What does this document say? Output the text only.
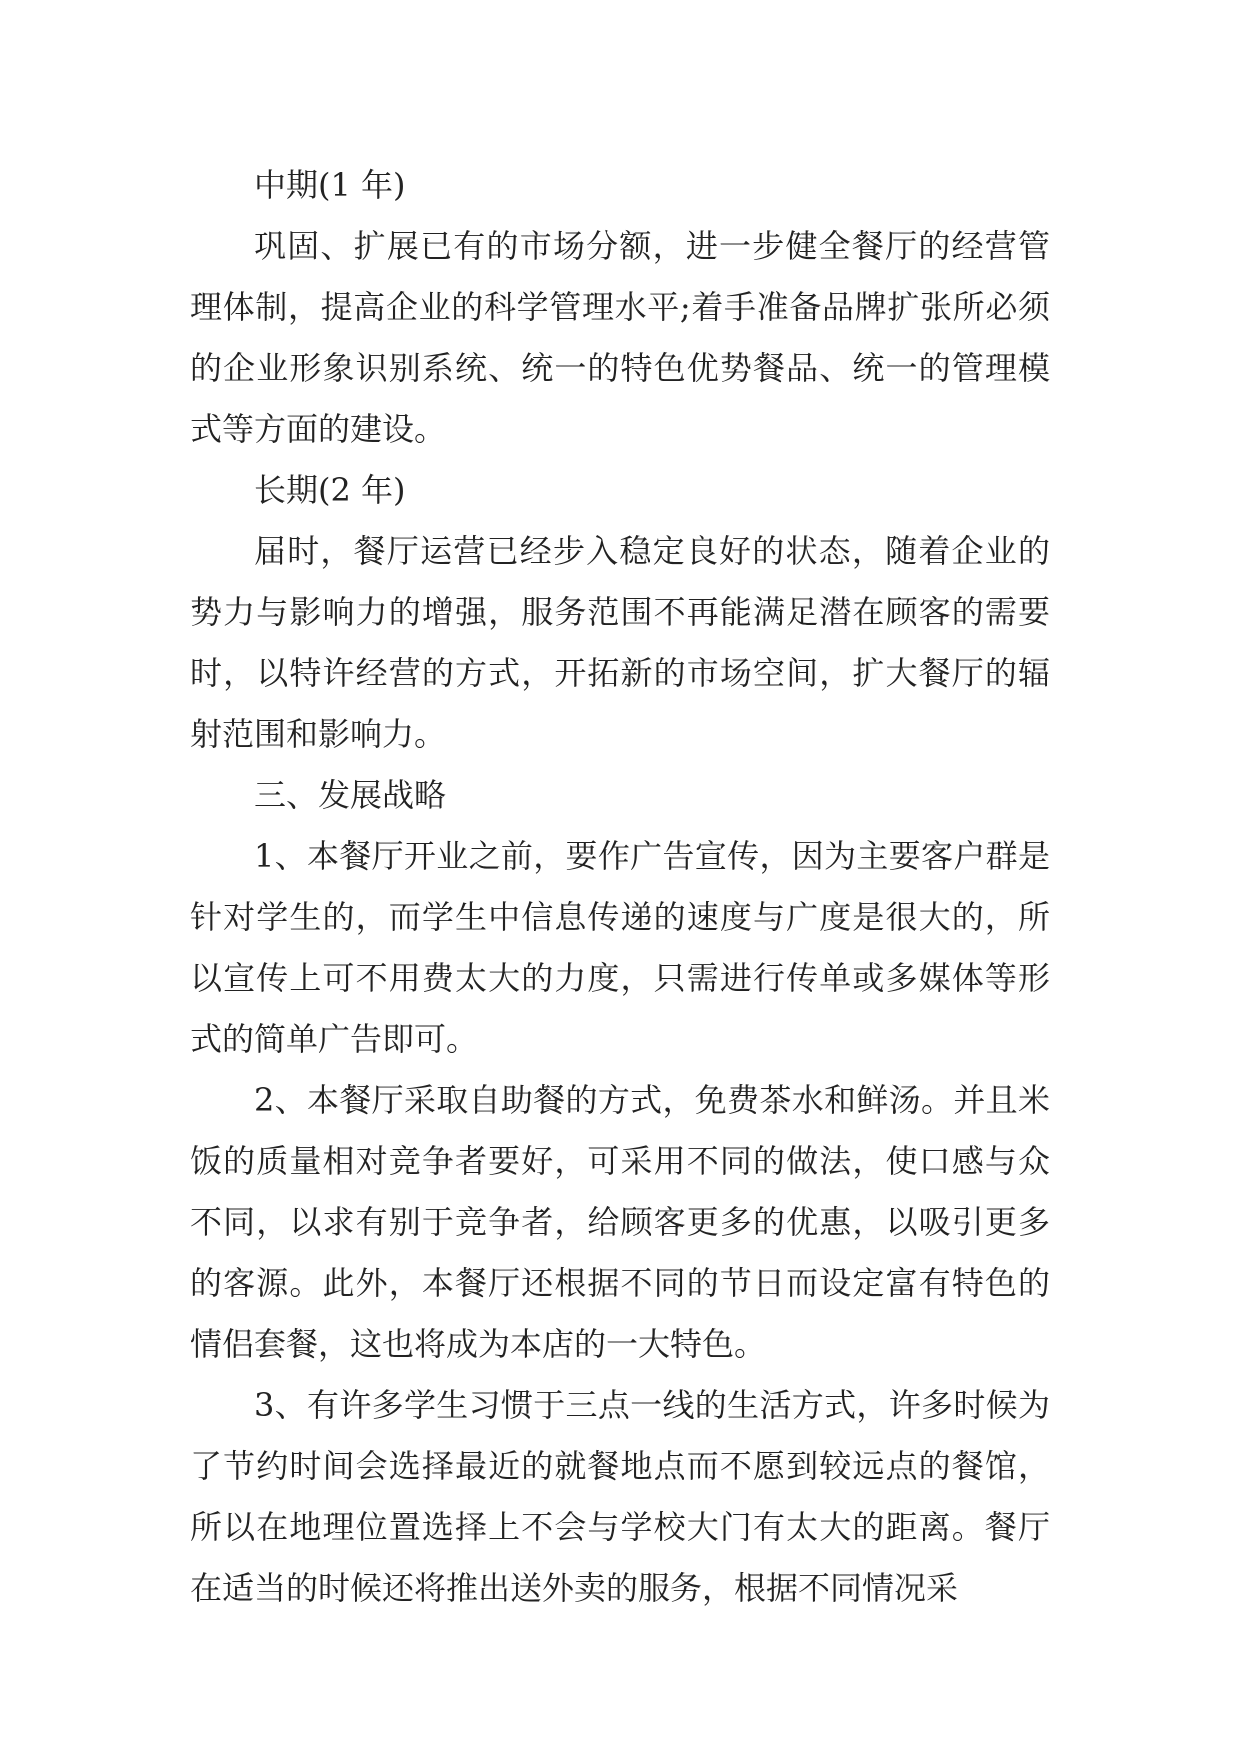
中期(1 年)

巩固、扩展已有的市场分额，进一步健全餐厅的经营管理体制，提高企业的科学管理水平;着手准备品牌扩张所必须的企业形象识别系统、统一的特色优势餐品、统一的管理模式等方面的建设。

长期(2 年)

届时，餐厅运营已经步入稳定良好的状态，随着企业的势力与影响力的增强，服务范围不再能满足潜在顾客的需要时，以特许经营的方式，开拓新的市场空间，扩大餐厅的辐射范围和影响力。

三、发展战略

1、本餐厅开业之前，要作广告宣传，因为主要客户群是针对学生的，而学生中信息传递的速度与广度是很大的，所以宣传上可不用费太大的力度，只需进行传单或多媒体等形式的简单广告即可。

2、本餐厅采取自助餐的方式，免费茶水和鲜汤。并且米饭的质量相对竞争者要好，可采用不同的做法，使口感与众不同，以求有别于竞争者，给顾客更多的优惠，以吸引更多的客源。此外，本餐厅还根据不同的节日而设定富有特色的情侣套餐，这也将成为本店的一大特色。

3、有许多学生习惯于三点一线的生活方式，许多时候为了节约时间会选择最近的就餐地点而不愿到较远点的餐馆，所以在地理位置选择上不会与学校大门有太大的距离。餐厅在适当的时候还将推出送外卖的服务，根据不同情况采
